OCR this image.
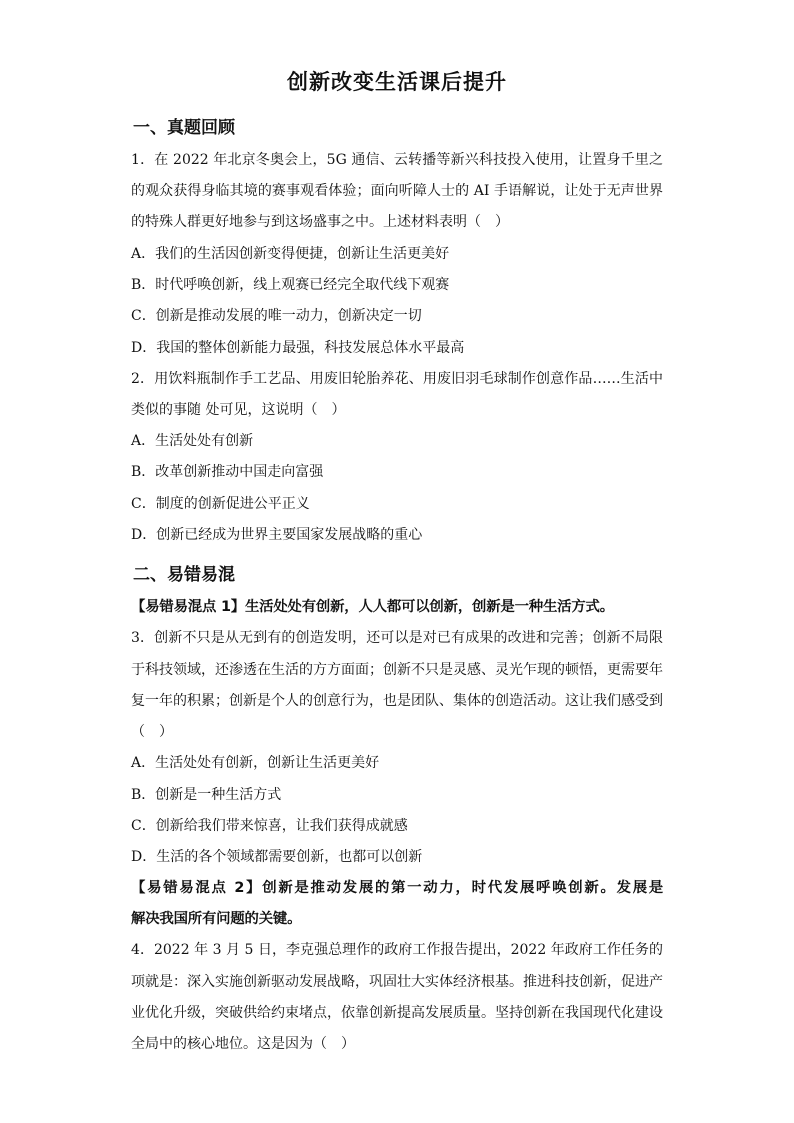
创新改变生活课后提升
一、真题回顾
1．在 2022 年北京冬奥会上，5G 通信、云转播等新兴科技投入使用，让置身千里之
的观众获得身临其境的赛事观看体验；面向听障人士的 AI 手语解说，让处于无声世界
的特殊人群更好地参与到这场盛事之中。上述材料表明（　）
A．我们的生活因创新变得便捷，创新让生活更美好
B．时代呼唤创新，线上观赛已经完全取代线下观赛
C．创新是推动发展的唯一动力，创新决定一切
D．我国的整体创新能力最强，科技发展总体水平最高
2．用饮料瓶制作手工艺品、用废旧轮胎养花、用废旧羽毛球制作创意作品……生活中
类似的事随 处可见，这说明（　）
A．生活处处有创新
B．改革创新推动中国走向富强
C．制度的创新促进公平正义
D．创新已经成为世界主要国家发展战略的重心
二、易错易混
【易错易混点 1】生活处处有创新，人人都可以创新，创新是一种生活方式。
3．创新不只是从无到有的创造发明，还可以是对已有成果的改进和完善；创新不局限
于科技领域，还渗透在生活的方方面面；创新不只是灵感、灵光乍现的顿悟，更需要年
复一年的积累；创新是个人的创意行为，也是团队、集体的创造活动。这让我们感受到
（　）
A．生活处处有创新，创新让生活更美好
B．创新是一种生活方式
C．创新给我们带来惊喜，让我们获得成就感
D．生活的各个领域都需要创新，也都可以创新
【易错易混点 2】创新是推动发展的第一动力，时代发展呼唤创新。发展是
解决我国所有问题的关键。
4．2022 年 3 月 5 日，李克强总理作的政府工作报告提出，2022 年政府工作任务的
项就是：深入实施创新驱动发展战略，巩固壮大实体经济根基。推进科技创新，促进产
业优化升级，突破供给约束堵点，依靠创新提高发展质量。坚持创新在我国现代化建设
全局中的核心地位。这是因为（　）
